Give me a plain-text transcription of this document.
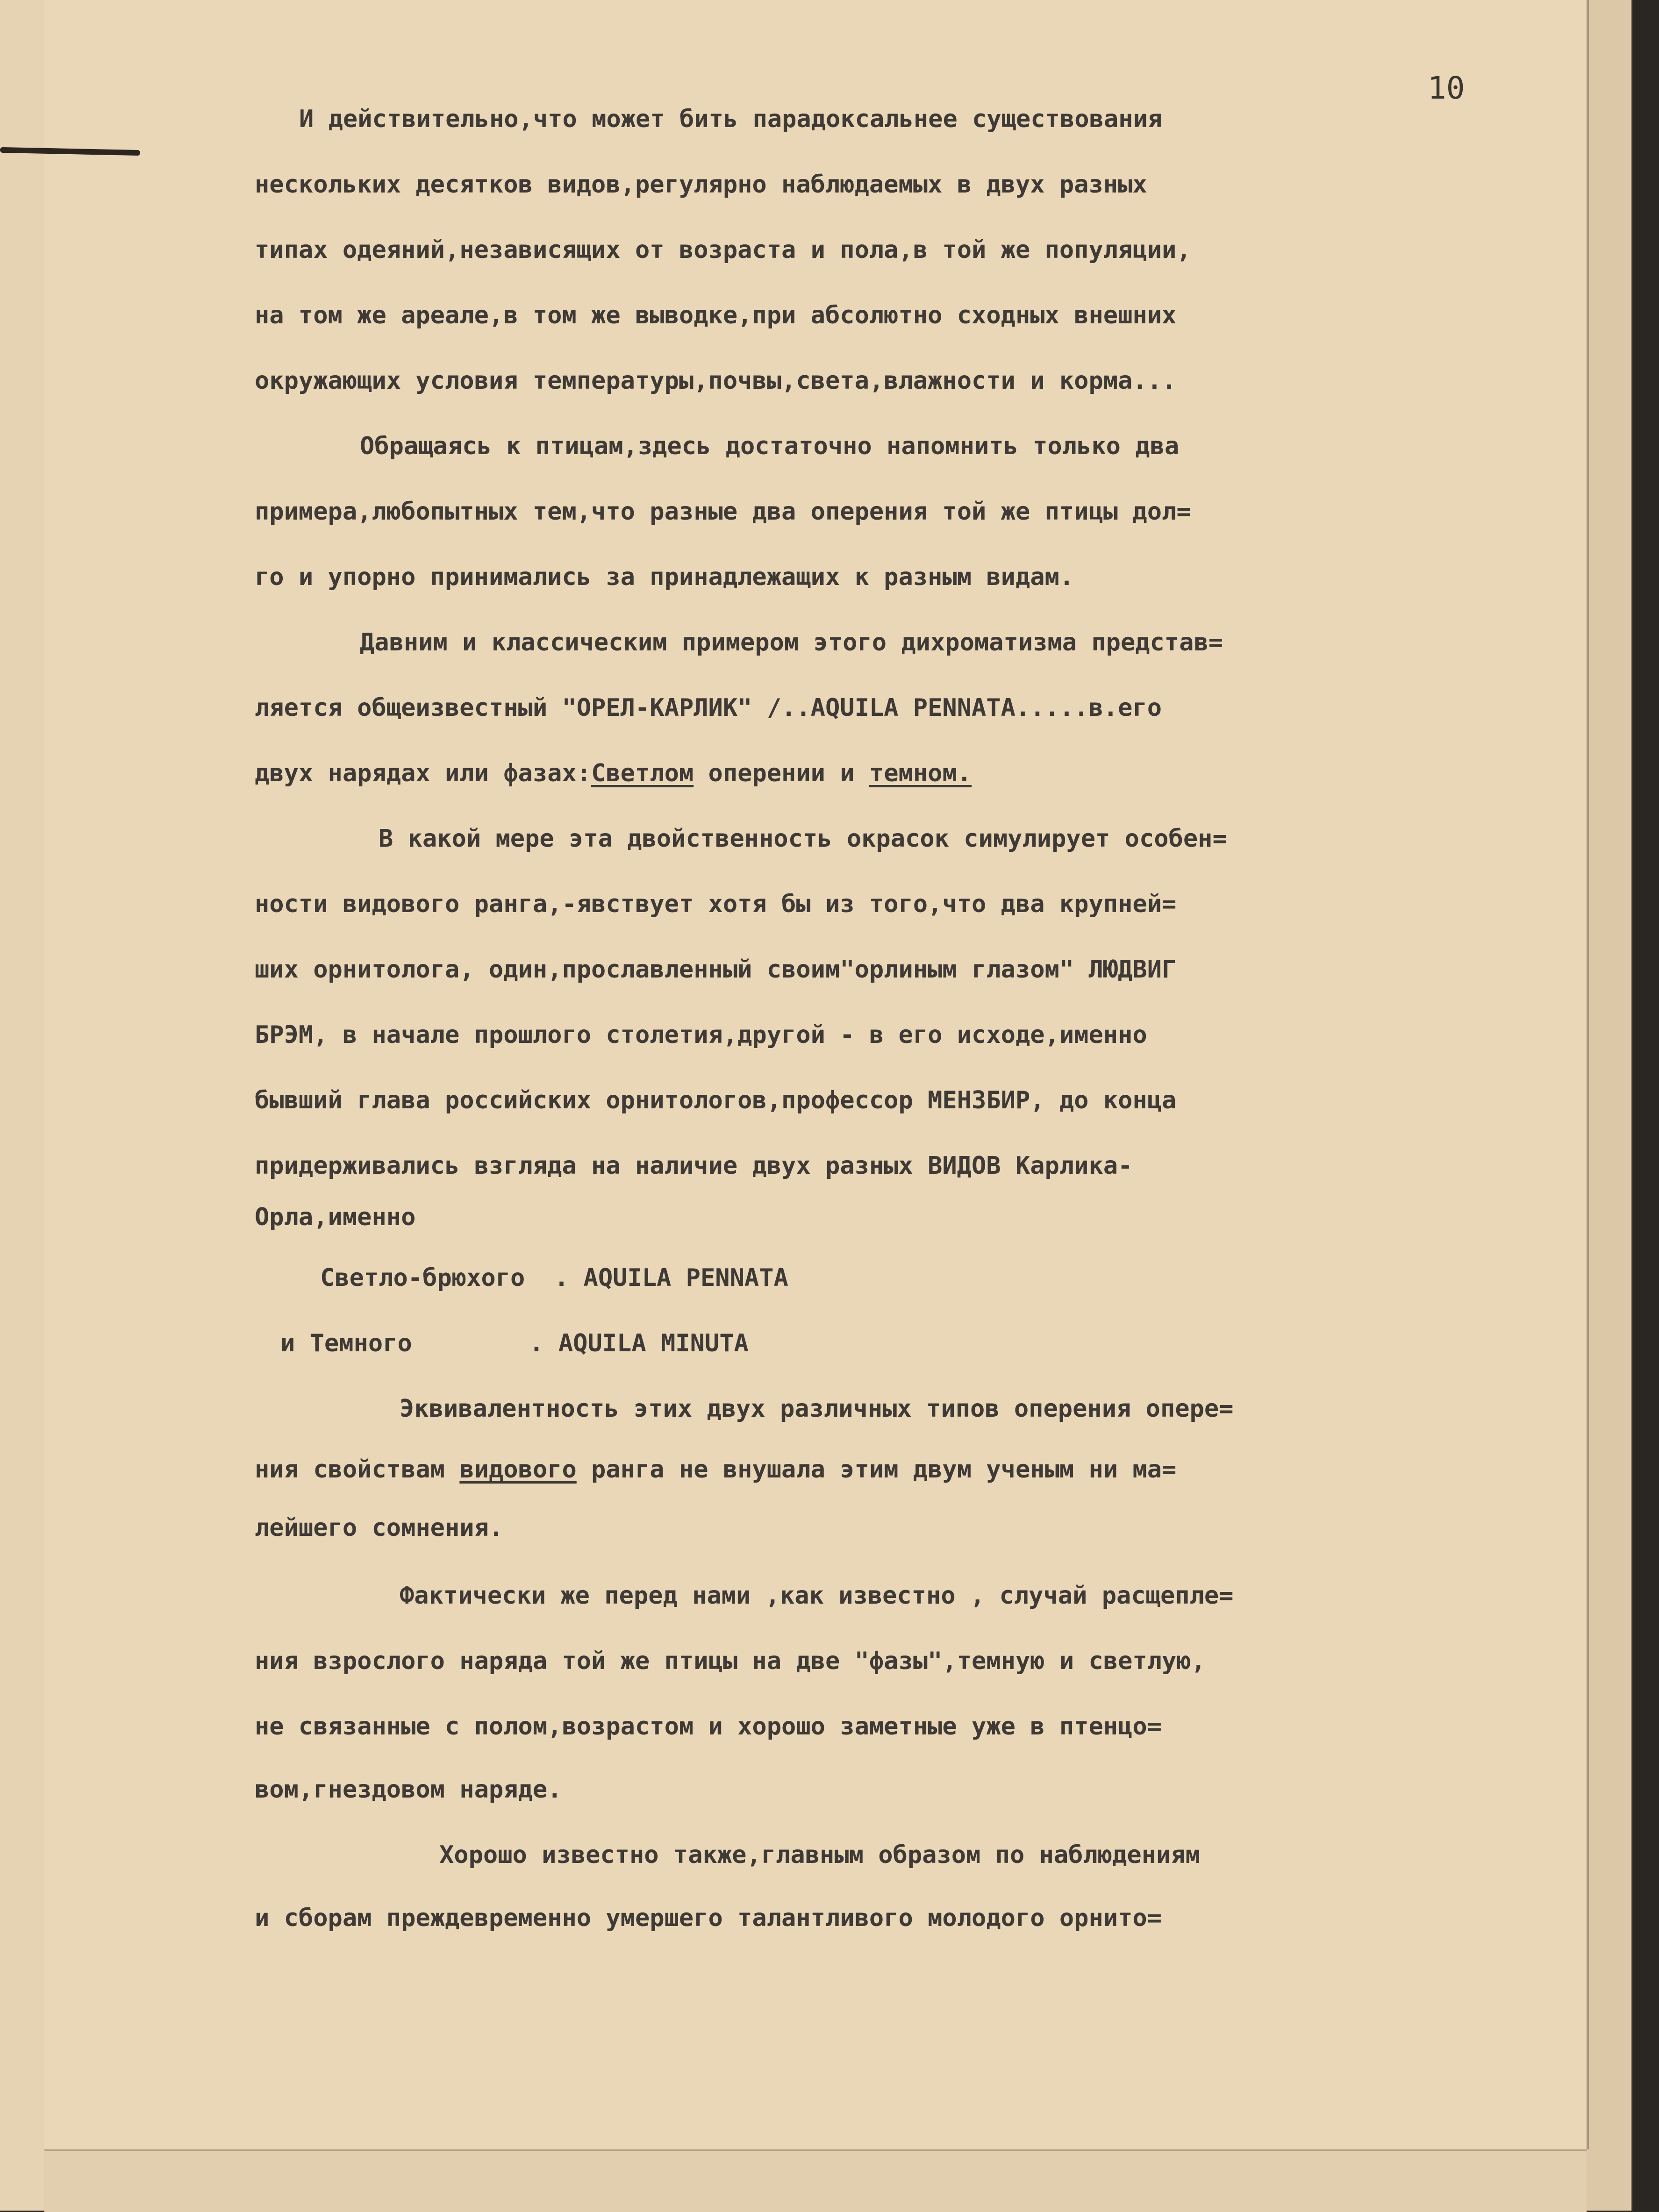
10

И действительно,что может бить парадоксальнее существования

нескольких десятков видов,регулярно наблюдаемых в двух разных

типах одеяний,независящих от возраста и пола,в той же популяции,

на том же ареале,в том же выводке,при абсолютно сходных внешних

окружающих условия температуры,почвы,света,влажности и корма...

Обращаясь к птицам,здесь достаточно напомнить только два

примера,любопытных тем,что разные два оперения той же птицы дол=

го и упорно принимались за принадлежащих к разным видам.

Давним и классическим примером этого дихроматизма представ=

ляется общеизвестный "ОРЕЛ-КАРЛИК" /..AQUILA PENNATA.....в.его

двух нарядах или фазах:Светлом оперении и темном.

В какой мере эта двойственность окрасок симулирует особен=

ности видового ранга,-явствует хотя бы из того,что два крупней=

ших орнитолога, один,прославленный своим"орлиным глазом" ЛЮДВИГ

БРЭМ, в начале прошлого столетия,другой - в его исходе,именно

бывший глава российских орнитологов,профессор МЕНЗБИР, до конца

придерживались взгляда на наличие двух разных ВИДОВ Карлика-

Орла,именно

Светло-брюхого  . AQUILA PENNATA

и Темного        . AQUILA MINUTA

Эквивалентность этих двух различных типов оперения опере=

ния свойствам видового ранга не внушала этим двум ученым ни ма=

лейшего сомнения.

Фактически же перед нами ,как известно , случай расщепле=

ния взрослого наряда той же птицы на две "фазы",темную и светлую,

не связанные с полом,возрастом и хорошо заметные уже в птенцо=

вом,гнездовом наряде.

Хорошо известно также,главным образом по наблюдениям

и сборам преждевременно умершего талантливого молодого орнито=
